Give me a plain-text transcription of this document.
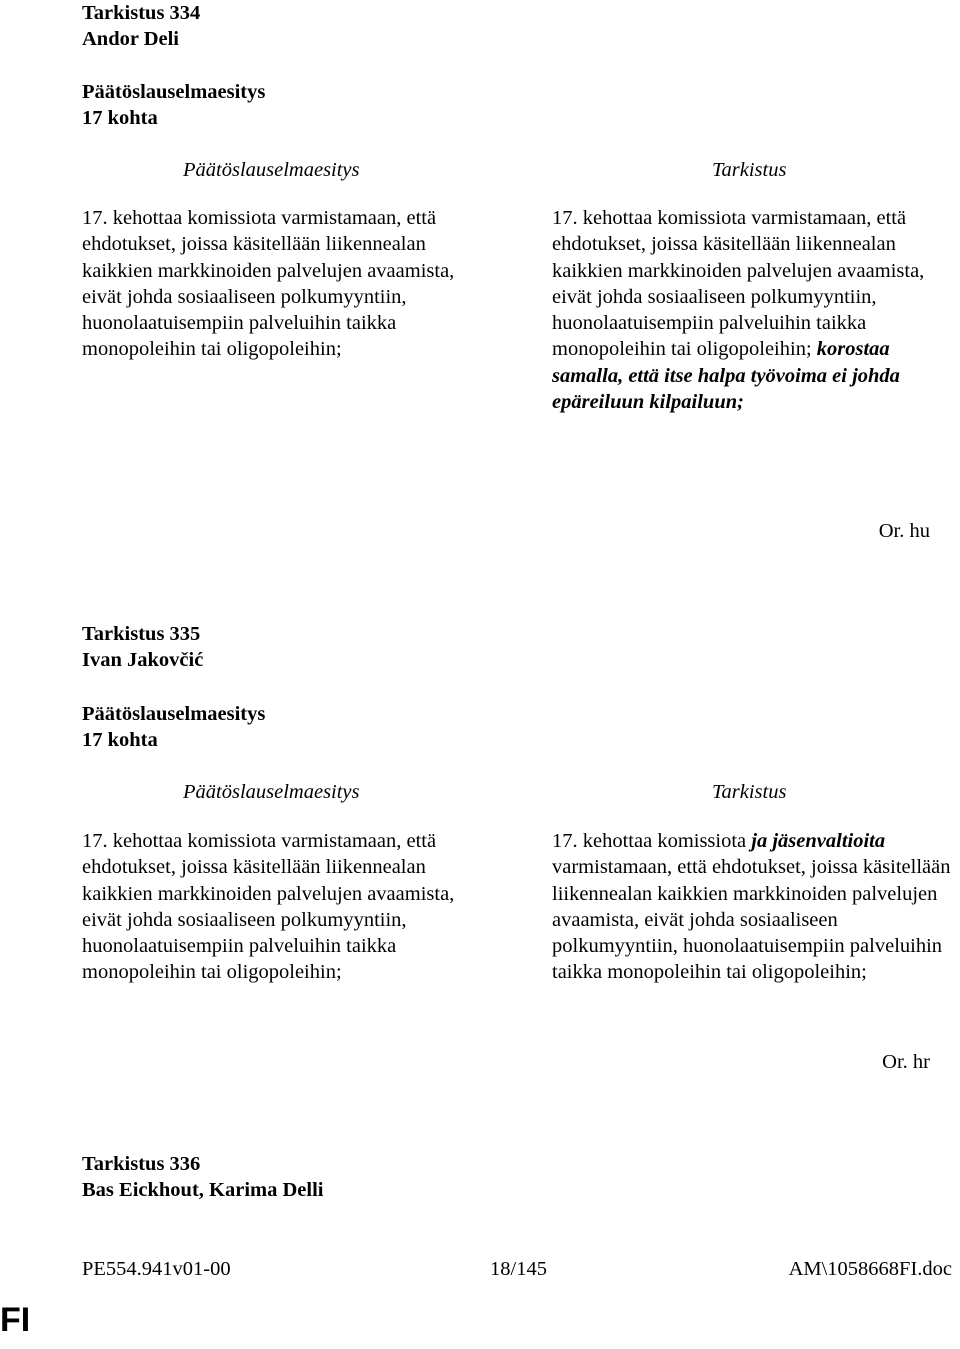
Tarkistus 334
Andor Deli
Päätöslauselmaesitys
17 kohta
Päätöslauselmaesitys	Tarkistus
17. kehottaa komissiota varmistamaan, että ehdotukset, joissa käsitellään liikennealan kaikkien markkinoiden palvelujen avaamista, eivät johda sosiaaliseen polkumyyntiin, huonolaatuisempiin palveluihin taikka monopoleihin tai oligopoleihin;
17. kehottaa komissiota varmistamaan, että ehdotukset, joissa käsitellään liikennealan kaikkien markkinoiden palvelujen avaamista, eivät johda sosiaaliseen polkumyyntiin, huonolaatuisempiin palveluihin taikka monopoleihin tai oligopoleihin; korostaa samalla, että itse halpa työvoima ei johda epäreiluun kilpailuun;
Or. hu
Tarkistus 335
Ivan Jakovčić
Päätöslauselmaesitys
17 kohta
Päätöslauselmaesitys	Tarkistus
17. kehottaa komissiota varmistamaan, että ehdotukset, joissa käsitellään liikennealan kaikkien markkinoiden palvelujen avaamista, eivät johda sosiaaliseen polkumyyntiin, huonolaatuisempiin palveluihin taikka monopoleihin tai oligopoleihin;
17. kehottaa komissiota ja jäsenvaltioita varmistamaan, että ehdotukset, joissa käsitellään liikennealan kaikkien markkinoiden palvelujen avaamista, eivät johda sosiaaliseen polkumyyntiin, huonolaatuisempiin palveluihin taikka monopoleihin tai oligopoleihin;
Or. hr
Tarkistus 336
Bas Eickhout, Karima Delli
PE554.941v01-00	18/145	AM\1058668FI.doc
FI
